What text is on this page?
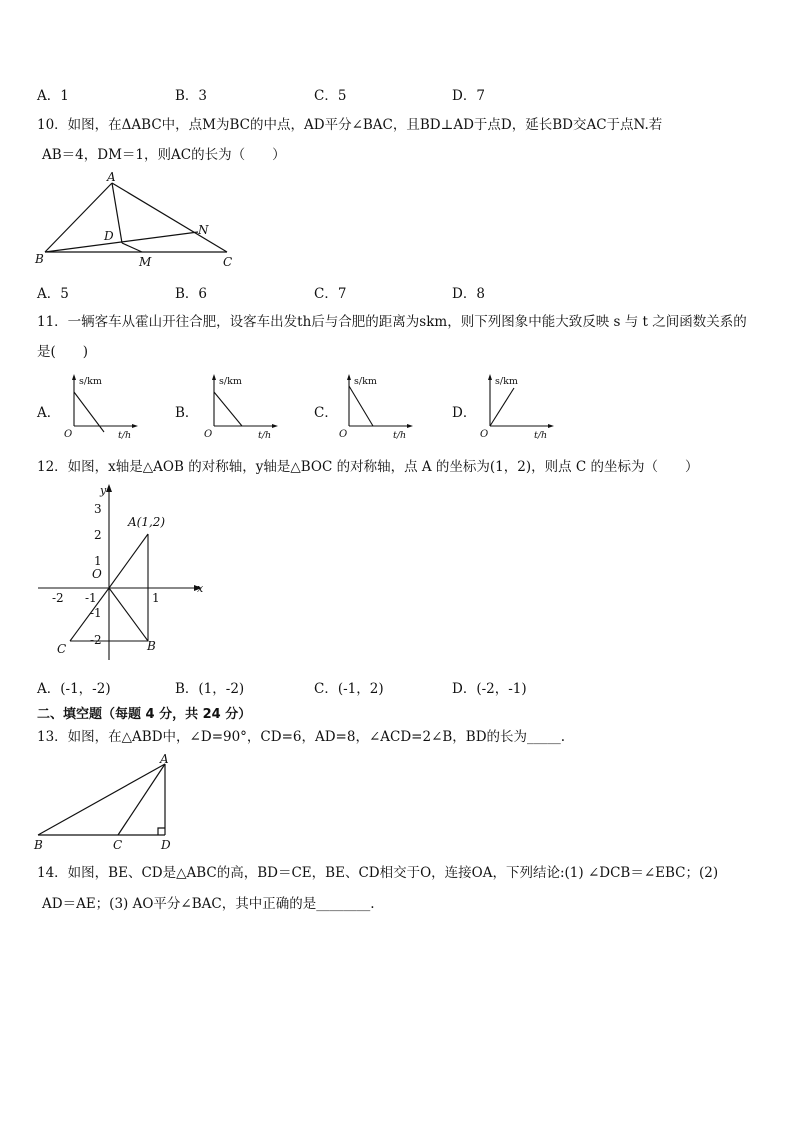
A．1	B．3	C．5	D．7
10．如图，在ΔABC中，点M为BC的中点，AD平分∠BAC，且BD⊥AD于点D，延长BD交AC于点N.若
AB＝4，DM＝1，则AC的长为（　　）
A
B	C
D
M
N
A．5	B．6	C．7	D．8
11．一辆客车从霍山开往合肥，设客车出发th后与合肥的距离为skm，则下列图象中能大致反映 s 与 t 之间函数关系的
是(　　)
A．
s/km
t/h
O
B．
s/km
t/h
O
C．
s/km
t/h
O
D．
s/km
t/h
O
12．如图，x轴是△AOB 的对称轴，y轴是△BOC 的对称轴，点 A 的坐标为(1，2)，则点 C 的坐标为（　　）
y
x
O
3
2
1
-1
-2
-2 -1	1
A(1,2)
B
C
A．(-1，-2)	B．(1，-2)	C．(-1，2)	D．(-2，-1)
二、填空题（每题 4 分，共 24 分）
13．如图，在△ABD中，∠D=90°，CD=6，AD=8，∠ACD=2∠B，BD的长为_____.
A
B	C	D
14．如图，BE、CD是△ABC的高，BD＝CE，BE、CD相交于O，连接OA，下列结论:(1) ∠DCB＝∠EBC；(2)
AD＝AE；(3) AO平分∠BAC，其中正确的是________.
